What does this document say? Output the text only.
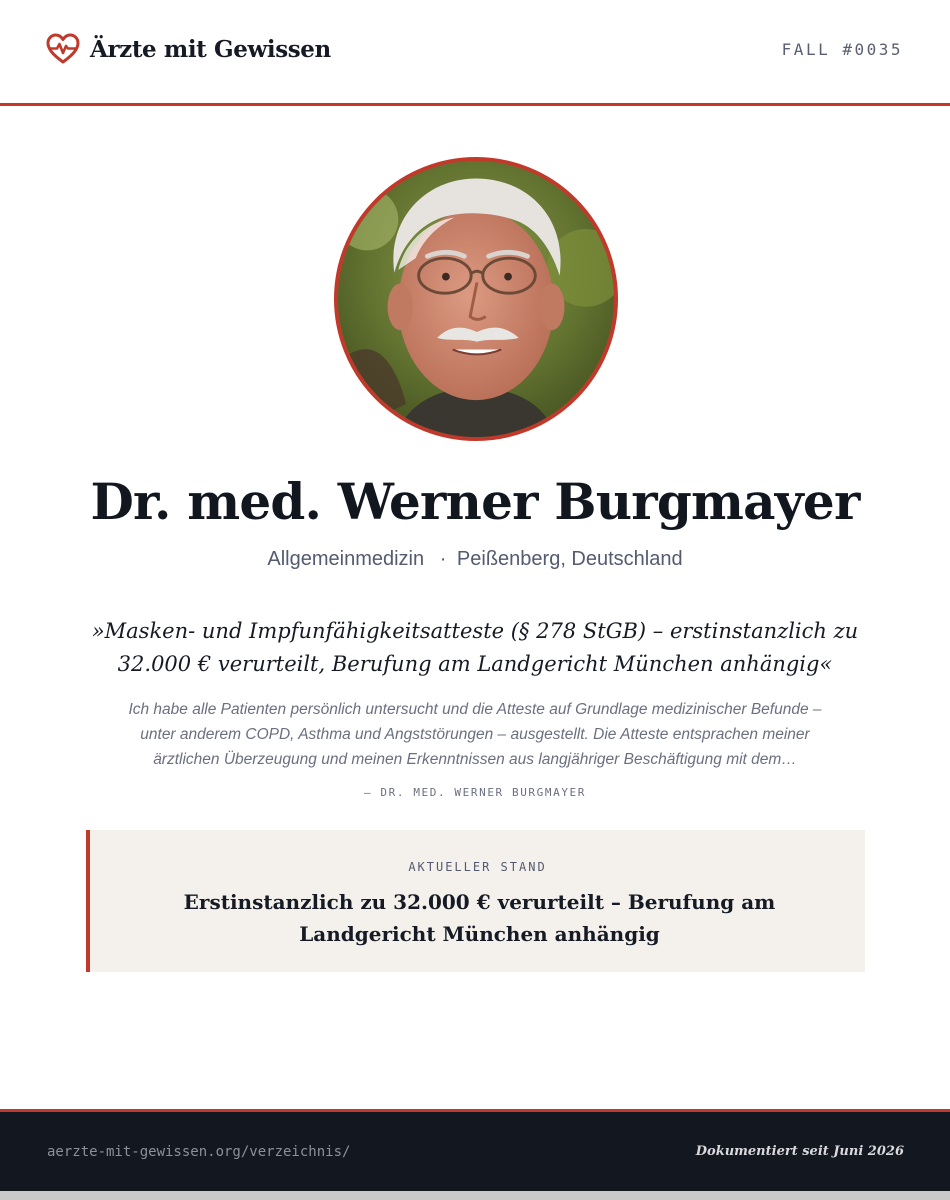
Ärzte mit Gewissen	FALL #0035
Dr. med. Werner Burgmayer
Allgemeinmedizin · Peißenberg, Deutschland

»Masken- und Impfunfähigkeitsatteste (§ 278 StGB) – erstinstanzlich zu 32.000 € verurteilt, Berufung am Landgericht München anhängig«

Ich habe alle Patienten persönlich untersucht und die Atteste auf Grundlage medizinischer Befunde – unter anderem COPD, Asthma und Angststörungen – ausgestellt. Die Atteste entsprachen meiner ärztlichen Überzeugung und meinen Erkenntnissen aus langjähriger Beschäftigung mit dem…

— DR. MED. WERNER BURGMAYER
AKTUELLER STAND
Erstinstanzlich zu 32.000 € verurteilt – Berufung am Landgericht München anhängig
aerzte-mit-gewissen.org/verzeichnis/	Dokumentiert seit Juni 2026
